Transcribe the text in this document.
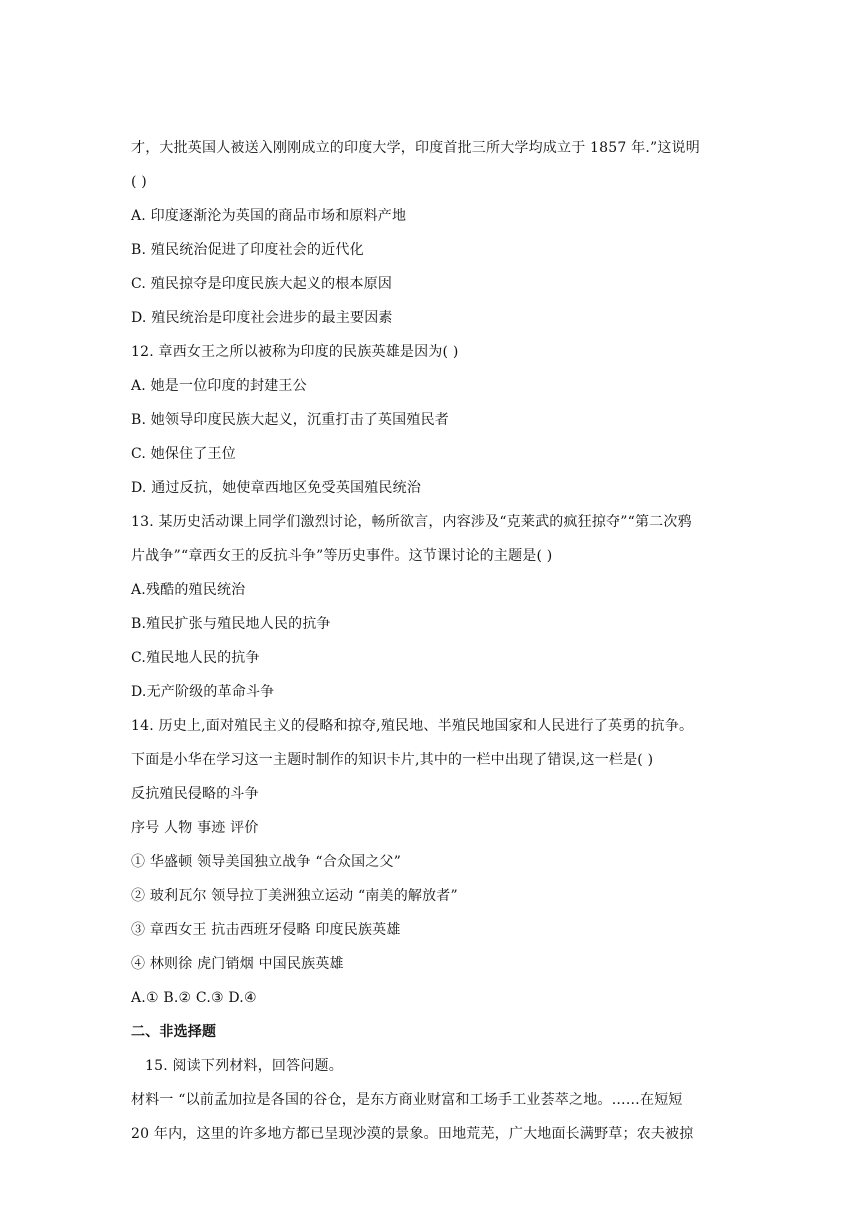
才，大批英国人被送入刚刚成立的印度大学，印度首批三所大学均成立于 1857 年.”这说明
( )
A. 印度逐渐沦为英国的商品市场和原料产地
B. 殖民统治促进了印度社会的近代化
C. 殖民掠夺是印度民族大起义的根本原因
D. 殖民统治是印度社会进步的最主要因素
12. 章西女王之所以被称为印度的民族英雄是因为( )
A. 她是一位印度的封建王公
B. 她领导印度民族大起义，沉重打击了英国殖民者
C. 她保住了王位
D. 通过反抗，她使章西地区免受英国殖民统治
13. 某历史活动课上同学们激烈讨论，畅所欲言，内容涉及“克莱武的疯狂掠夺”“第二次鸦
片战争”“章西女王的反抗斗争”等历史事件。这节课讨论的主题是( )
A.残酷的殖民统治
B.殖民扩张与殖民地人民的抗争
C.殖民地人民的抗争
D.无产阶级的革命斗争
14. 历史上,面对殖民主义的侵略和掠夺,殖民地、半殖民地国家和人民进行了英勇的抗争。
下面是小华在学习这一主题时制作的知识卡片,其中的一栏中出现了错误,这一栏是( )
反抗殖民侵略的斗争
序号 人物 事迹 评价
① 华盛顿 领导美国独立战争 “合众国之父”
② 玻利瓦尔 领导拉丁美洲独立运动 “南美的解放者”
③ 章西女王 抗击西班牙侵略 印度民族英雄
④ 林则徐 虎门销烟 中国民族英雄
A.① B.② C.③ D.④
二、非选择题
15. 阅读下列材料，回答问题。
材料一 “以前孟加拉是各国的谷仓，是东方商业财富和工场手工业荟萃之地。……在短短
20 年内，这里的许多地方都已呈现沙漠的景象。田地荒芜，广大地面长满野草；农夫被掠
